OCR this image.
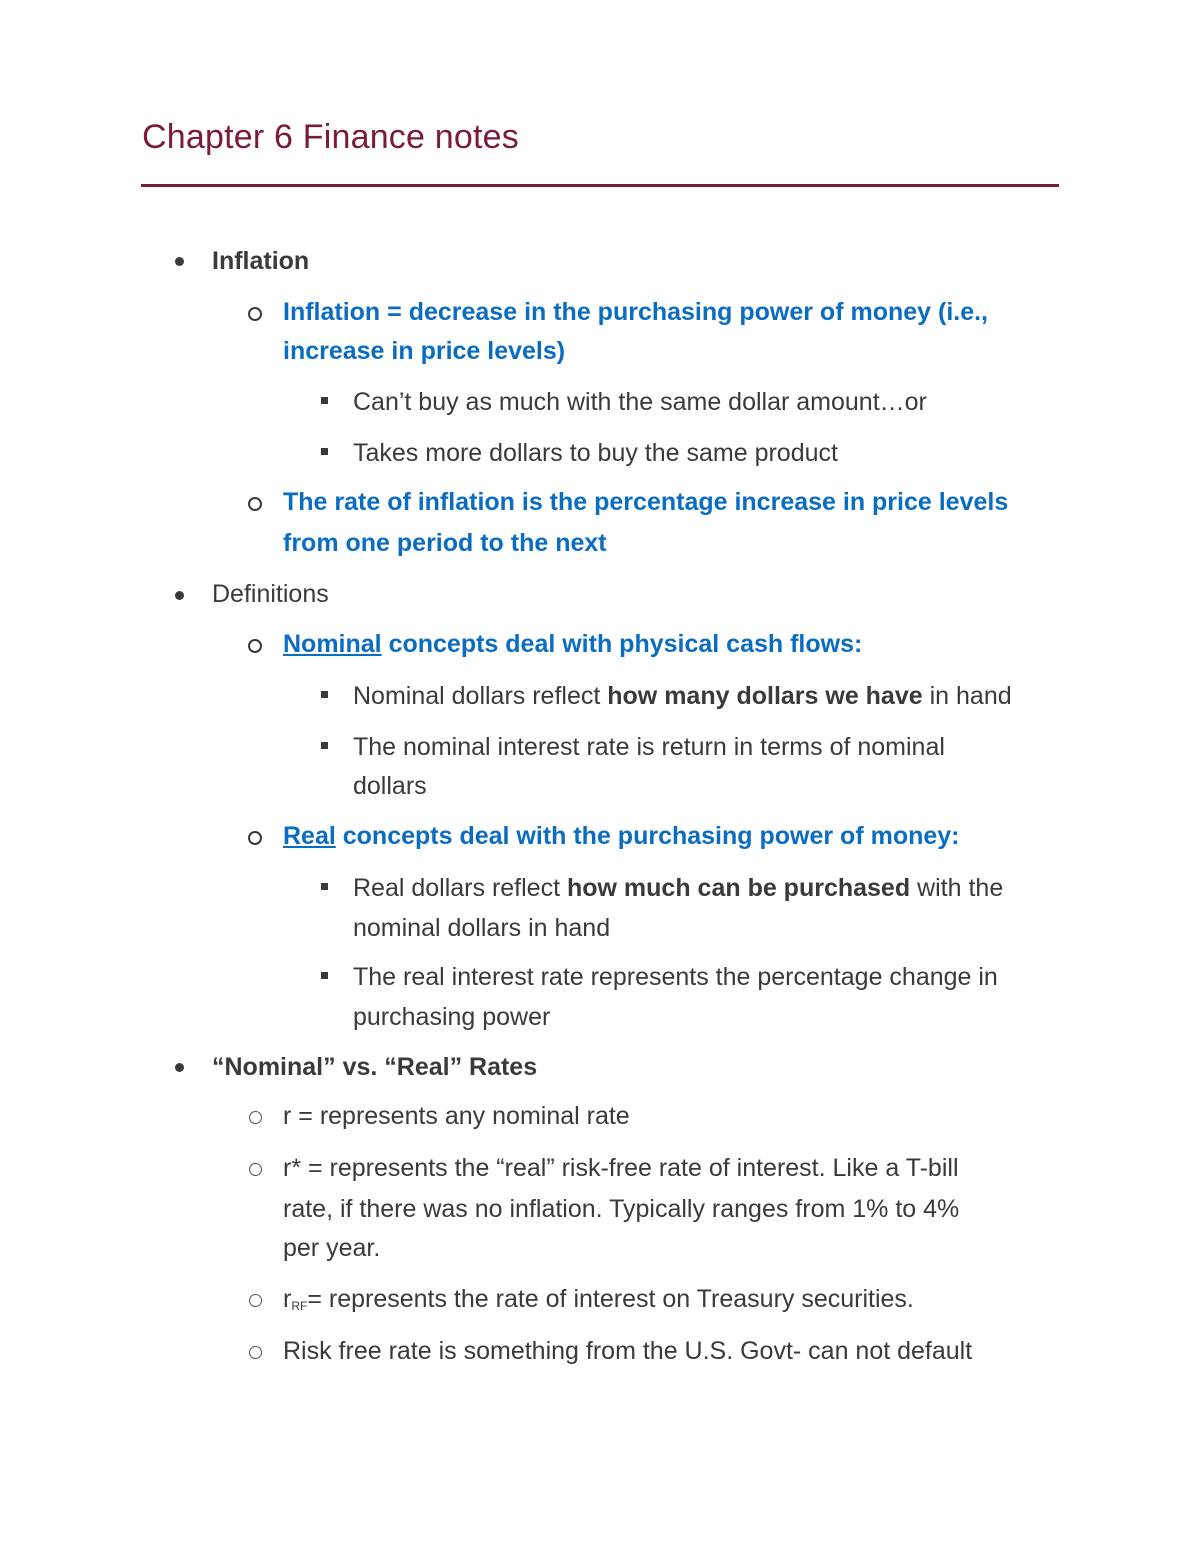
Chapter 6 Finance notes
Inflation
Inflation = decrease in the purchasing power of money (i.e.,
increase in price levels)
Can’t buy as much with the same dollar amount…or
Takes more dollars to buy the same product
The rate of inflation is the percentage increase in price levels
from one period to the next
Definitions
Nominal concepts deal with physical cash flows:
Nominal dollars reflect how many dollars we have in hand
The nominal interest rate is return in terms of nominal
dollars
Real concepts deal with the purchasing power of money:
Real dollars reflect how much can be purchased with the
nominal dollars in hand
The real interest rate represents the percentage change in
purchasing power
“Nominal” vs. “Real” Rates
r = represents any nominal rate
r* = represents the “real” risk-free rate of interest. Like a T-bill
rate, if there was no inflation. Typically ranges from 1% to 4%
per year.
$r_{RF}=$ represents the rate of interest on Treasury securities.
Risk free rate is something from the U.S. Govt- can not default
